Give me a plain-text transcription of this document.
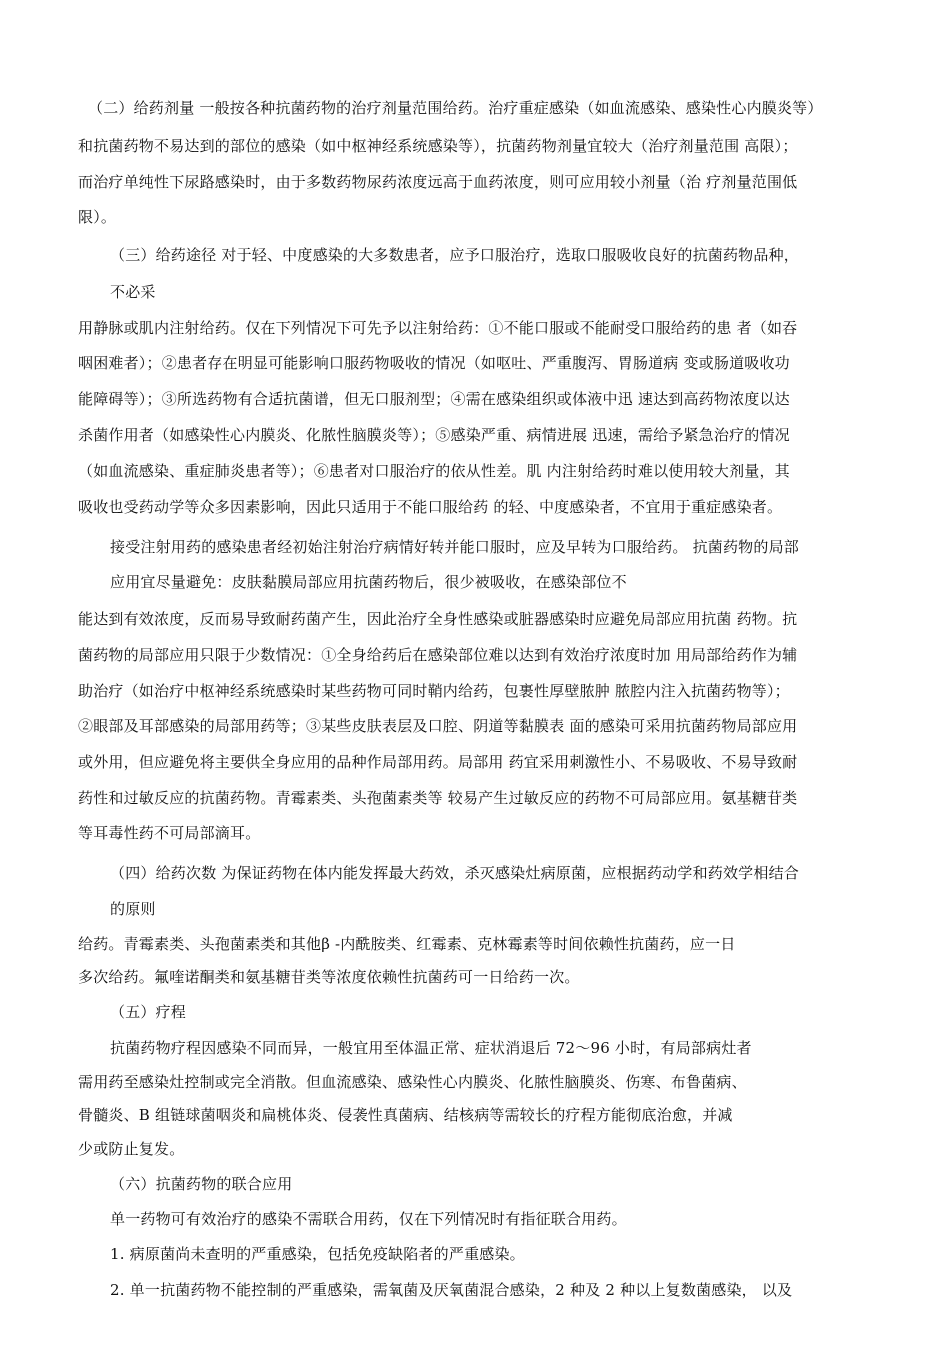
（二）给药剂量 一般按各种抗菌药物的治疗剂量范围给药。治疗重症感染（如血流感染、感染性心内膜炎等）

和抗菌药物不易达到的部位的感染（如中枢神经系统感染等），抗菌药物剂量宜较大（治疗剂量范围 高限）；

而治疗单纯性下尿路感染时，由于多数药物尿药浓度远高于血药浓度，则可应用较小剂量（治 疗剂量范围低

限）。

（三）给药途径 对于轻、中度感染的大多数患者，应予口服治疗，选取口服吸收良好的抗菌药物品种，

不必采

用静脉或肌内注射给药。仅在下列情况下可先予以注射给药：①不能口服或不能耐受口服给药的患 者（如吞

咽困难者）；②患者存在明显可能影响口服药物吸收的情况（如呕吐、严重腹泻、胃肠道病 变或肠道吸收功

能障碍等）；③所选药物有合适抗菌谱，但无口服剂型；④需在感染组织或体液中迅 速达到高药物浓度以达

杀菌作用者（如感染性心内膜炎、化脓性脑膜炎等）；⑤感染严重、病情进展 迅速，需给予紧急治疗的情况

（如血流感染、重症肺炎患者等）；⑥患者对口服治疗的依从性差。肌 内注射给药时难以使用较大剂量，其

吸收也受药动学等众多因素影响，因此只适用于不能口服给药 的轻、中度感染者，不宜用于重症感染者。

接受注射用药的感染患者经初始注射治疗病情好转并能口服时，应及早转为口服给药。 抗菌药物的局部

应用宜尽量避免：皮肤黏膜局部应用抗菌药物后，很少被吸收，在感染部位不

能达到有效浓度，反而易导致耐药菌产生，因此治疗全身性感染或脏器感染时应避免局部应用抗菌 药物。抗

菌药物的局部应用只限于少数情况：①全身给药后在感染部位难以达到有效治疗浓度时加 用局部给药作为辅

助治疗（如治疗中枢神经系统感染时某些药物可同时鞘内给药，包裹性厚壁脓肿 脓腔内注入抗菌药物等）；

②眼部及耳部感染的局部用药等；③某些皮肤表层及口腔、阴道等黏膜表 面的感染可采用抗菌药物局部应用

或外用，但应避免将主要供全身应用的品种作局部用药。局部用 药宜采用刺激性小、不易吸收、不易导致耐

药性和过敏反应的抗菌药物。青霉素类、头孢菌素类等 较易产生过敏反应的药物不可局部应用。氨基糖苷类

等耳毒性药不可局部滴耳。

（四）给药次数 为保证药物在体内能发挥最大药效，杀灭感染灶病原菌，应根据药动学和药效学相结合

的原则

给药。青霉素类、头孢菌素类和其他β -内酰胺类、红霉素、克林霉素等时间依赖性抗菌药，应一日

多次给药。氟喹诺酮类和氨基糖苷类等浓度依赖性抗菌药可一日给药一次。

（五）疗程

抗菌药物疗程因感染不同而异，一般宜用至体温正常、症状消退后 72～96 小时，有局部病灶者

需用药至感染灶控制或完全消散。但血流感染、感染性心内膜炎、化脓性脑膜炎、伤寒、布鲁菌病、

骨髓炎、B 组链球菌咽炎和扁桃体炎、侵袭性真菌病、结核病等需较长的疗程方能彻底治愈，并减

少或防止复发。

（六）抗菌药物的联合应用

单一药物可有效治疗的感染不需联合用药，仅在下列情况时有指征联合用药。

1. 病原菌尚未查明的严重感染，包括免疫缺陷者的严重感染。

2. 单一抗菌药物不能控制的严重感染，需氧菌及厌氧菌混合感染，2 种及 2 种以上复数菌感染， 以及
